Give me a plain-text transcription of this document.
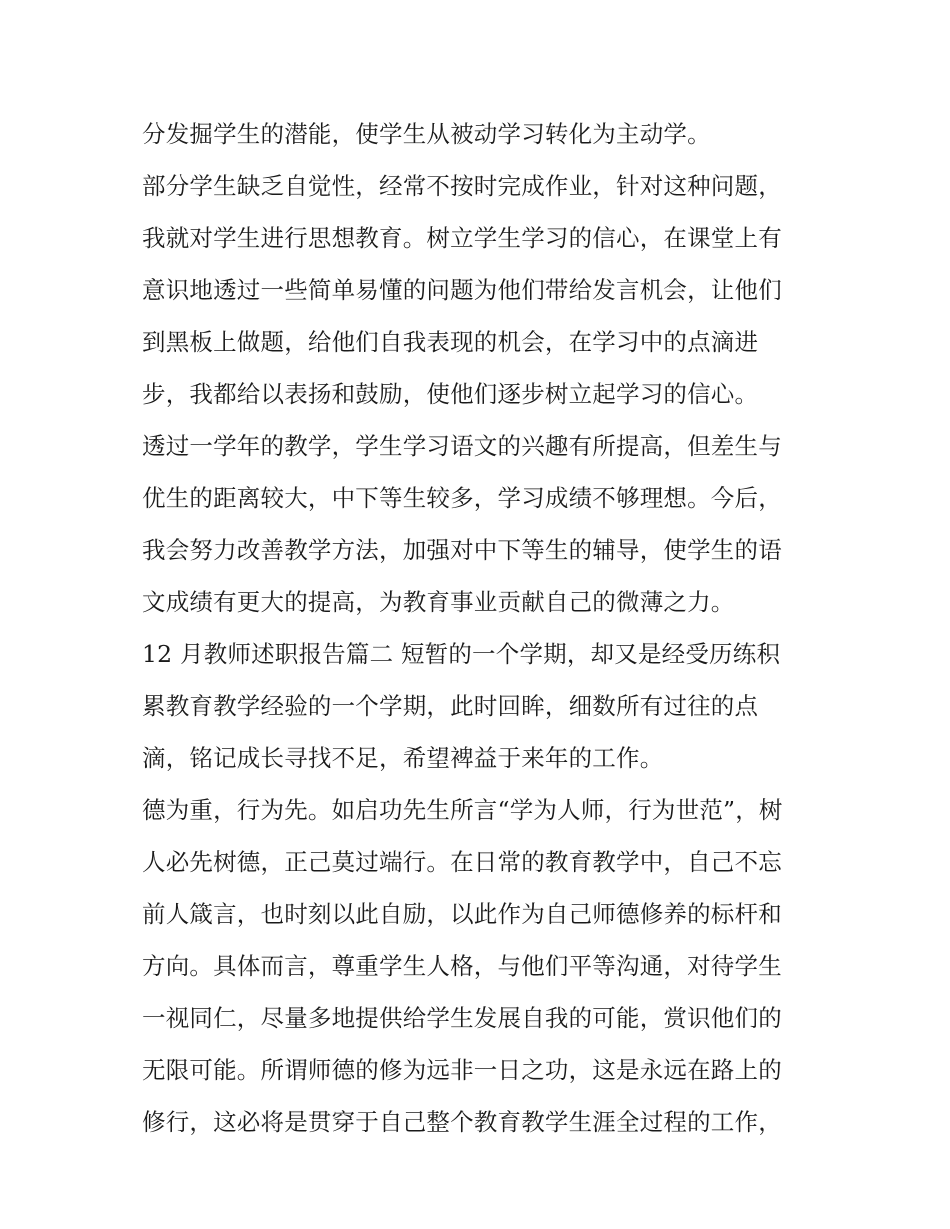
分发掘学生的潜能，使学生从被动学习转化为主动学。
部分学生缺乏自觉性，经常不按时完成作业，针对这种问题，
我就对学生进行思想教育。树立学生学习的信心，在课堂上有
意识地透过一些简单易懂的问题为他们带给发言机会，让他们
到黑板上做题，给他们自我表现的机会，在学习中的点滴进
步，我都给以表扬和鼓励，使他们逐步树立起学习的信心。
透过一学年的教学，学生学习语文的兴趣有所提高，但差生与
优生的距离较大，中下等生较多，学习成绩不够理想。今后，
我会努力改善教学方法，加强对中下等生的辅导，使学生的语
文成绩有更大的提高，为教育事业贡献自己的微薄之力。
12 月教师述职报告篇二 短暂的一个学期，却又是经受历练积
累教育教学经验的一个学期，此时回眸，细数所有过往的点
滴，铭记成长寻找不足，希望裨益于来年的工作。
德为重，行为先。如启功先生所言“学为人师，行为世范”，树
人必先树德，正己莫过端行。在日常的教育教学中，自己不忘
前人箴言，也时刻以此自励，以此作为自己师德修养的标杆和
方向。具体而言，尊重学生人格，与他们平等沟通，对待学生
一视同仁，尽量多地提供给学生发展自我的可能，赏识他们的
无限可能。所谓师德的修为远非一日之功，这是永远在路上的
修行，这必将是贯穿于自己整个教育教学生涯全过程的工作，
